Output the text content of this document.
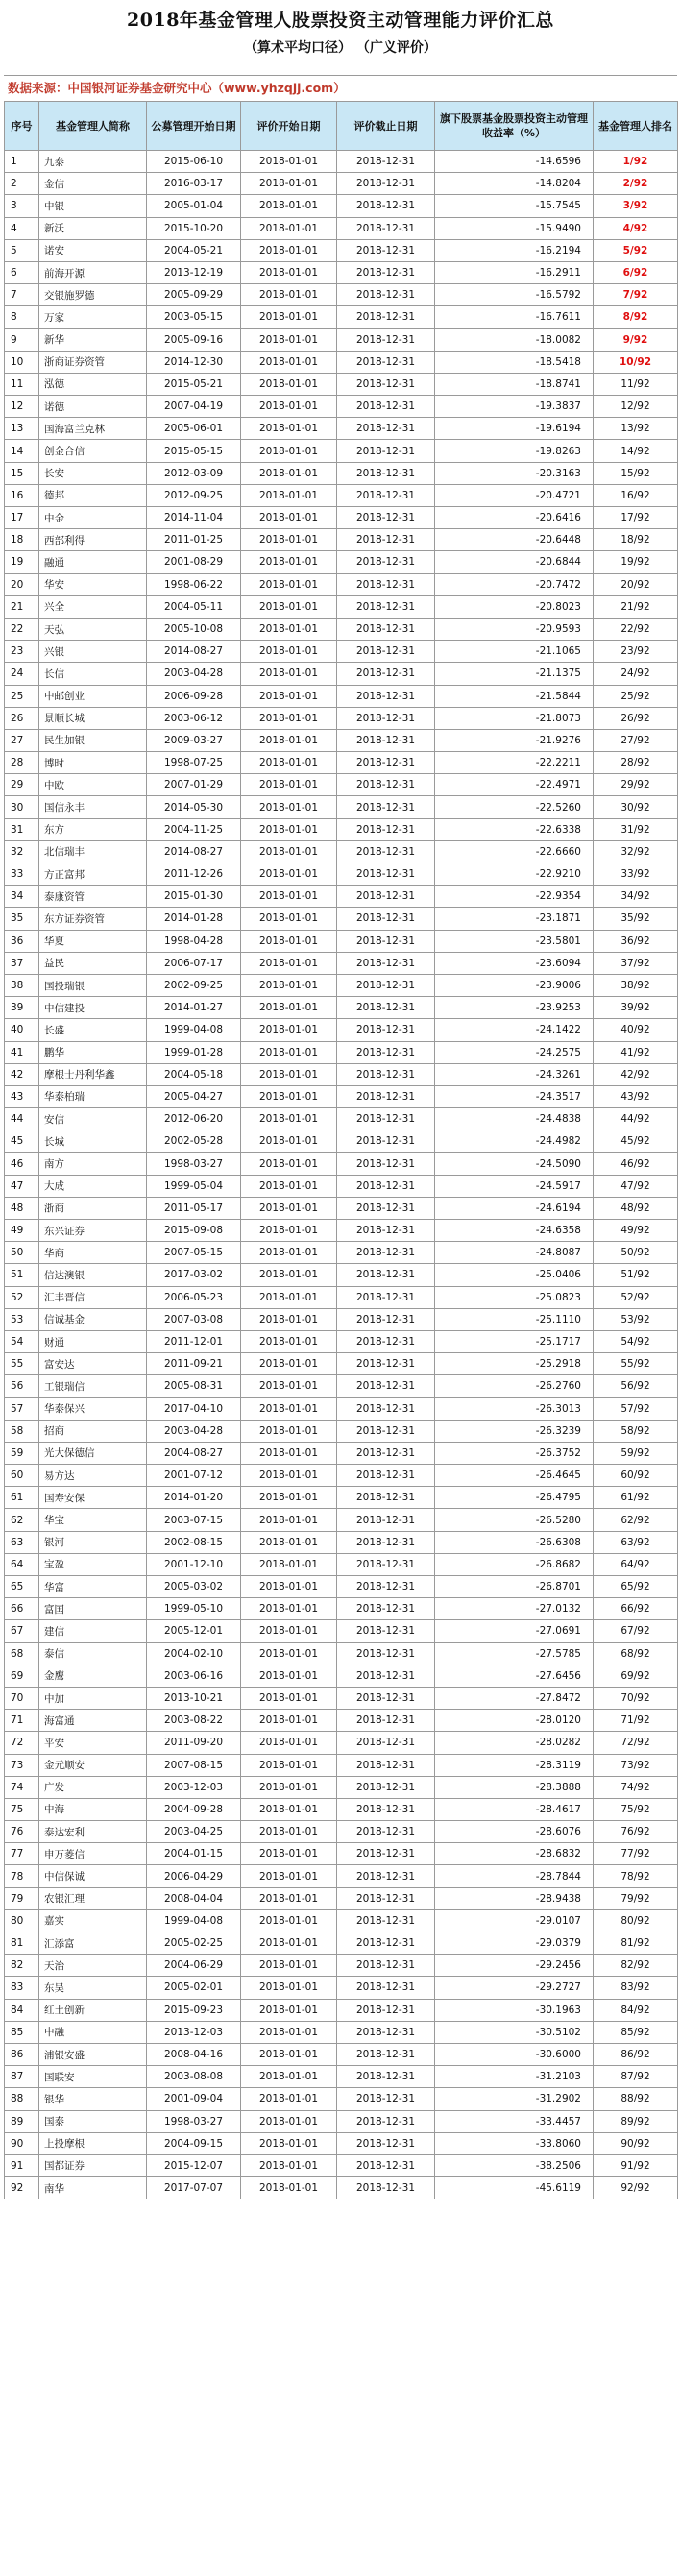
2018年基金管理人股票投资主动管理能力评价汇总
（算术平均口径） （广义评价）
数据来源：中国银河证券基金研究中心（www.yhzqjj.com）
序号	基金管理人简称	公募管理开始日期	评价开始日期	评价截止日期	旗下股票基金股票投资主动管理收益率（%）	基金管理人排名
1	九泰	2015-06-10	2018-01-01	2018-12-31	-14.6596	1/92
2	金信	2016-03-17	2018-01-01	2018-12-31	-14.8204	2/92
3	中银	2005-01-04	2018-01-01	2018-12-31	-15.7545	3/92
4	新沃	2015-10-20	2018-01-01	2018-12-31	-15.9490	4/92
5	诺安	2004-05-21	2018-01-01	2018-12-31	-16.2194	5/92
6	前海开源	2013-12-19	2018-01-01	2018-12-31	-16.2911	6/92
7	交银施罗德	2005-09-29	2018-01-01	2018-12-31	-16.5792	7/92
8	万家	2003-05-15	2018-01-01	2018-12-31	-16.7611	8/92
9	新华	2005-09-16	2018-01-01	2018-12-31	-18.0082	9/92
10	浙商证券资管	2014-12-30	2018-01-01	2018-12-31	-18.5418	10/92
11	泓德	2015-05-21	2018-01-01	2018-12-31	-18.8741	11/92
12	诺德	2007-04-19	2018-01-01	2018-12-31	-19.3837	12/92
13	国海富兰克林	2005-06-01	2018-01-01	2018-12-31	-19.6194	13/92
14	创金合信	2015-05-15	2018-01-01	2018-12-31	-19.8263	14/92
15	长安	2012-03-09	2018-01-01	2018-12-31	-20.3163	15/92
16	德邦	2012-09-25	2018-01-01	2018-12-31	-20.4721	16/92
17	中金	2014-11-04	2018-01-01	2018-12-31	-20.6416	17/92
18	西部利得	2011-01-25	2018-01-01	2018-12-31	-20.6448	18/92
19	融通	2001-08-29	2018-01-01	2018-12-31	-20.6844	19/92
20	华安	1998-06-22	2018-01-01	2018-12-31	-20.7472	20/92
21	兴全	2004-05-11	2018-01-01	2018-12-31	-20.8023	21/92
22	天弘	2005-10-08	2018-01-01	2018-12-31	-20.9593	22/92
23	兴银	2014-08-27	2018-01-01	2018-12-31	-21.1065	23/92
24	长信	2003-04-28	2018-01-01	2018-12-31	-21.1375	24/92
25	中邮创业	2006-09-28	2018-01-01	2018-12-31	-21.5844	25/92
26	景顺长城	2003-06-12	2018-01-01	2018-12-31	-21.8073	26/92
27	民生加银	2009-03-27	2018-01-01	2018-12-31	-21.9276	27/92
28	博时	1998-07-25	2018-01-01	2018-12-31	-22.2211	28/92
29	中欧	2007-01-29	2018-01-01	2018-12-31	-22.4971	29/92
30	国信永丰	2014-05-30	2018-01-01	2018-12-31	-22.5260	30/92
31	东方	2004-11-25	2018-01-01	2018-12-31	-22.6338	31/92
32	北信瑞丰	2014-08-27	2018-01-01	2018-12-31	-22.6660	32/92
33	方正富邦	2011-12-26	2018-01-01	2018-12-31	-22.9210	33/92
34	泰康资管	2015-01-30	2018-01-01	2018-12-31	-22.9354	34/92
35	东方证券资管	2014-01-28	2018-01-01	2018-12-31	-23.1871	35/92
36	华夏	1998-04-28	2018-01-01	2018-12-31	-23.5801	36/92
37	益民	2006-07-17	2018-01-01	2018-12-31	-23.6094	37/92
38	国投瑞银	2002-09-25	2018-01-01	2018-12-31	-23.9006	38/92
39	中信建投	2014-01-27	2018-01-01	2018-12-31	-23.9253	39/92
40	长盛	1999-04-08	2018-01-01	2018-12-31	-24.1422	40/92
41	鹏华	1999-01-28	2018-01-01	2018-12-31	-24.2575	41/92
42	摩根士丹利华鑫	2004-05-18	2018-01-01	2018-12-31	-24.3261	42/92
43	华泰柏瑞	2005-04-27	2018-01-01	2018-12-31	-24.3517	43/92
44	安信	2012-06-20	2018-01-01	2018-12-31	-24.4838	44/92
45	长城	2002-05-28	2018-01-01	2018-12-31	-24.4982	45/92
46	南方	1998-03-27	2018-01-01	2018-12-31	-24.5090	46/92
47	大成	1999-05-04	2018-01-01	2018-12-31	-24.5917	47/92
48	浙商	2011-05-17	2018-01-01	2018-12-31	-24.6194	48/92
49	东兴证券	2015-09-08	2018-01-01	2018-12-31	-24.6358	49/92
50	华商	2007-05-15	2018-01-01	2018-12-31	-24.8087	50/92
51	信达澳银	2017-03-02	2018-01-01	2018-12-31	-25.0406	51/92
52	汇丰晋信	2006-05-23	2018-01-01	2018-12-31	-25.0823	52/92
53	信诚基金	2007-03-08	2018-01-01	2018-12-31	-25.1110	53/92
54	财通	2011-12-01	2018-01-01	2018-12-31	-25.1717	54/92
55	富安达	2011-09-21	2018-01-01	2018-12-31	-25.2918	55/92
56	工银瑞信	2005-08-31	2018-01-01	2018-12-31	-26.2760	56/92
57	华泰保兴	2017-04-10	2018-01-01	2018-12-31	-26.3013	57/92
58	招商	2003-04-28	2018-01-01	2018-12-31	-26.3239	58/92
59	光大保德信	2004-08-27	2018-01-01	2018-12-31	-26.3752	59/92
60	易方达	2001-07-12	2018-01-01	2018-12-31	-26.4645	60/92
61	国寿安保	2014-01-20	2018-01-01	2018-12-31	-26.4795	61/92
62	华宝	2003-07-15	2018-01-01	2018-12-31	-26.5280	62/92
63	银河	2002-08-15	2018-01-01	2018-12-31	-26.6308	63/92
64	宝盈	2001-12-10	2018-01-01	2018-12-31	-26.8682	64/92
65	华富	2005-03-02	2018-01-01	2018-12-31	-26.8701	65/92
66	富国	1999-05-10	2018-01-01	2018-12-31	-27.0132	66/92
67	建信	2005-12-01	2018-01-01	2018-12-31	-27.0691	67/92
68	泰信	2004-02-10	2018-01-01	2018-12-31	-27.5785	68/92
69	金鹰	2003-06-16	2018-01-01	2018-12-31	-27.6456	69/92
70	中加	2013-10-21	2018-01-01	2018-12-31	-27.8472	70/92
71	海富通	2003-08-22	2018-01-01	2018-12-31	-28.0120	71/92
72	平安	2011-09-20	2018-01-01	2018-12-31	-28.0282	72/92
73	金元顺安	2007-08-15	2018-01-01	2018-12-31	-28.3119	73/92
74	广发	2003-12-03	2018-01-01	2018-12-31	-28.3888	74/92
75	中海	2004-09-28	2018-01-01	2018-12-31	-28.4617	75/92
76	泰达宏利	2003-04-25	2018-01-01	2018-12-31	-28.6076	76/92
77	申万菱信	2004-01-15	2018-01-01	2018-12-31	-28.6832	77/92
78	中信保诚	2006-04-29	2018-01-01	2018-12-31	-28.7844	78/92
79	农银汇理	2008-04-04	2018-01-01	2018-12-31	-28.9438	79/92
80	嘉实	1999-04-08	2018-01-01	2018-12-31	-29.0107	80/92
81	汇添富	2005-02-25	2018-01-01	2018-12-31	-29.0379	81/92
82	天治	2004-06-29	2018-01-01	2018-12-31	-29.2456	82/92
83	东吴	2005-02-01	2018-01-01	2018-12-31	-29.2727	83/92
84	红土创新	2015-09-23	2018-01-01	2018-12-31	-30.1963	84/92
85	中融	2013-12-03	2018-01-01	2018-12-31	-30.5102	85/92
86	浦银安盛	2008-04-16	2018-01-01	2018-12-31	-30.6000	86/92
87	国联安	2003-08-08	2018-01-01	2018-12-31	-31.2103	87/92
88	银华	2001-09-04	2018-01-01	2018-12-31	-31.2902	88/92
89	国泰	1998-03-27	2018-01-01	2018-12-31	-33.4457	89/92
90	上投摩根	2004-09-15	2018-01-01	2018-12-31	-33.8060	90/92
91	国都证券	2015-12-07	2018-01-01	2018-12-31	-38.2506	91/92
92	南华	2017-07-07	2018-01-01	2018-12-31	-45.6119	92/92
